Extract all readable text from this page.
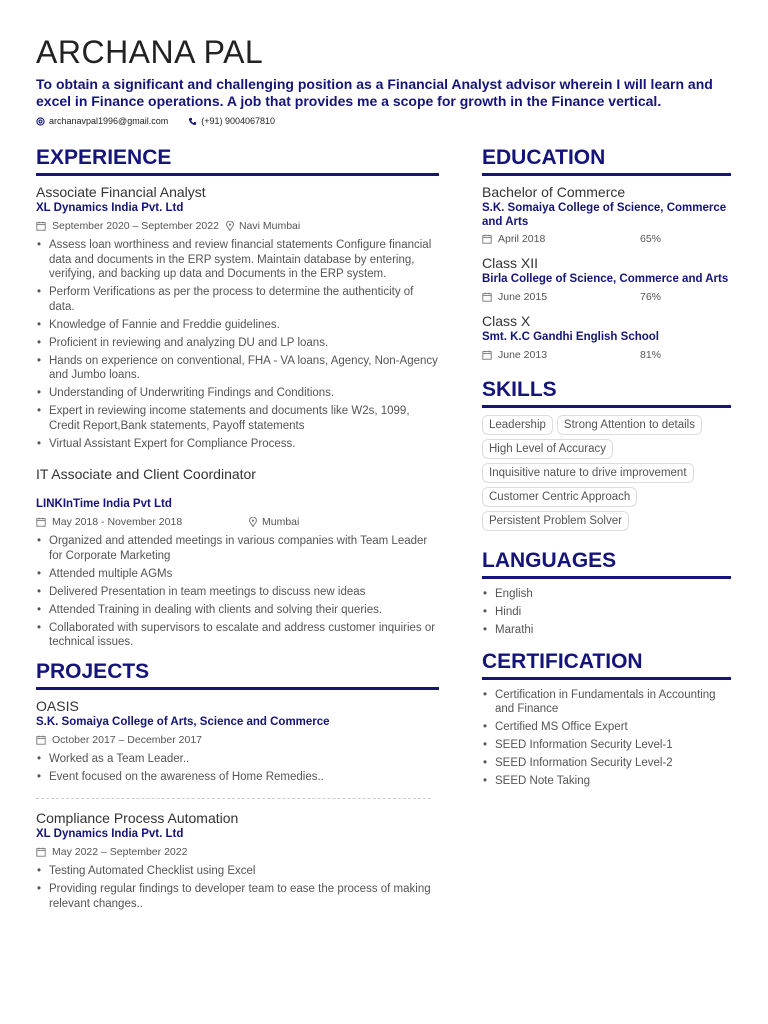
ARCHANA PAL

To obtain a significant and challenging position as a Financial Analyst advisor wherein I will learn and excel in Finance operations. A job that provides me a scope for growth in the Finance vertical.

archanavpal1996@gmail.com	(+91) 9004067810
EXPERIENCE
Associate Financial Analyst
XL Dynamics India Pvt. Ltd
September 2020 – September 2022 Navi Mumbai
• Assess loan worthiness and review financial statements Configure financial data and documents in the ERP system. Maintain database by entering, verifying, and backing up data and Documents in the ERP system.
• Perform Verifications as per the process to determine the authenticity of data.
• Knowledge of Fannie and Freddie guidelines.
• Proficient in reviewing and analyzing DU and LP loans.
• Hands on experience on conventional, FHA - VA loans, Agency, Non-Agency and Jumbo loans.
• Understanding of Underwriting Findings and Conditions.
• Expert in reviewing income statements and documents like W2s, 1099, Credit Report,Bank statements, Payoff statements
• Virtual Assistant Expert for Compliance Process.
IT Associate and Client Coordinator
LINKInTime India Pvt Ltd
May 2018 - November 2018	Mumbai
• Organized and attended meetings in various companies with Team Leader for Corporate Marketing
• Attended multiple AGMs
• Delivered Presentation in team meetings to discuss new ideas
• Attended Training in dealing with clients and solving their queries.
• Collaborated with supervisors to escalate and address customer inquiries or technical issues.
PROJECTS
OASIS
S.K. Somaiya College of Arts, Science and Commerce
October 2017 – December 2017
• Worked as a Team Leader..
• Event focused on the awareness of Home Remedies..
Compliance Process Automation
XL Dynamics India Pvt. Ltd
May 2022 – September 2022
• Testing Automated Checklist using Excel
• Providing regular findings to developer team to ease the process of making relevant changes..
EDUCATION
Bachelor of Commerce
S.K. Somaiya College of Science, Commerce and Arts
April 2018	65%
Class XII
Birla College of Science, Commerce and Arts
June 2015	76%
Class X
Smt. K.C Gandhi English School
June 2013	81%
SKILLS
Leadership	Strong Attention to details
High Level of Accuracy
Inquisitive nature to drive improvement
Customer Centric Approach
Persistent Problem Solver
LANGUAGES
• English
• Hindi
• Marathi
CERTIFICATION
• Certification in Fundamentals in Accounting and Finance
• Certified MS Office Expert
• SEED Information Security Level-1
• SEED Information Security Level-2
• SEED Note Taking
